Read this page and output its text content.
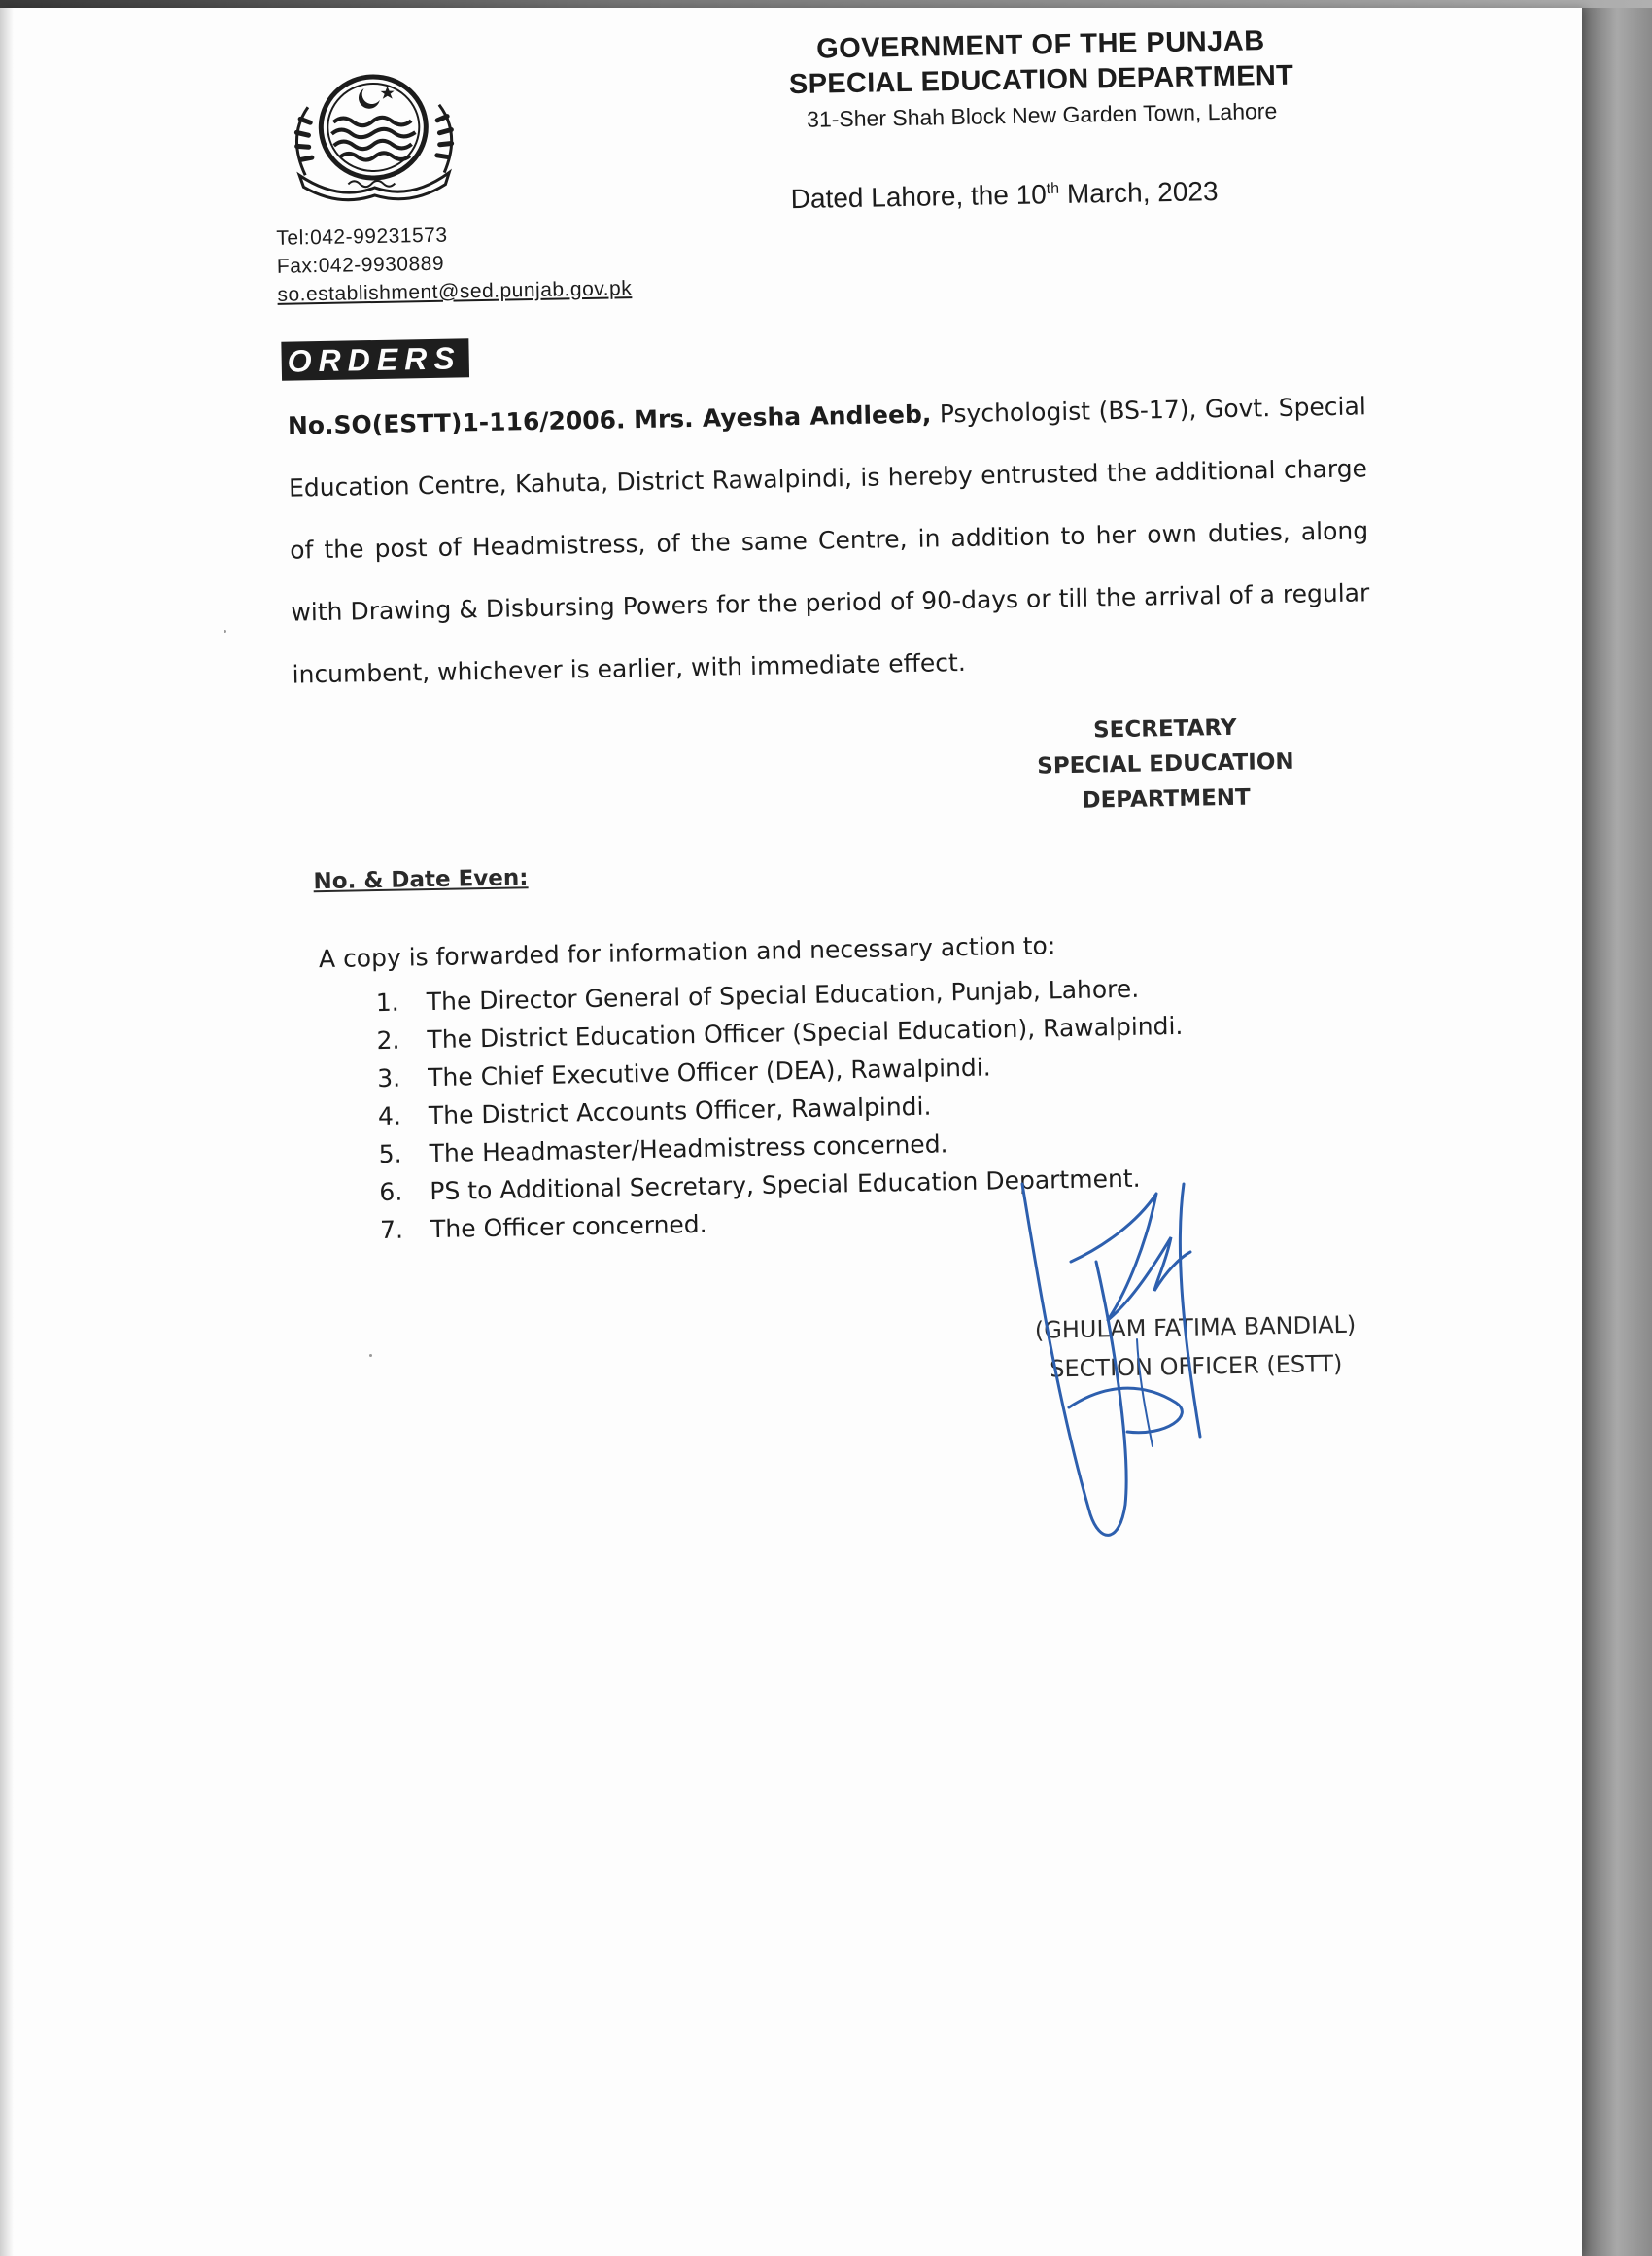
GOVERNMENT OF THE PUNJAB
SPECIAL EDUCATION DEPARTMENT
31-Sher Shah Block New Garden Town, Lahore
Dated Lahore, the 10th March, 2023
Tel:042-99231573
Fax:042-9930889
so.establishment@sed.punjab.gov.pk
ORDERS
No.SO(ESTT)1-116/2006. Mrs. Ayesha Andleeb, Psychologist (BS-17), Govt. Special Education Centre, Kahuta, District Rawalpindi, is hereby entrusted the additional charge of the post of Headmistress, of the same Centre, in addition to her own duties, along with Drawing & Disbursing Powers for the period of 90-days or till the arrival of a regular incumbent, whichever is earlier, with immediate effect.
SECRETARY
SPECIAL EDUCATION
DEPARTMENT
No. & Date Even:
A copy is forwarded for information and necessary action to:
1. The Director General of Special Education, Punjab, Lahore.
2. The District Education Officer (Special Education), Rawalpindi.
3. The Chief Executive Officer (DEA), Rawalpindi.
4. The District Accounts Officer, Rawalpindi.
5. The Headmaster/Headmistress concerned.
6. PS to Additional Secretary, Special Education Department.
7. The Officer concerned.
(GHULAM FATIMA BANDIAL)
SECTION OFFICER (ESTT)
